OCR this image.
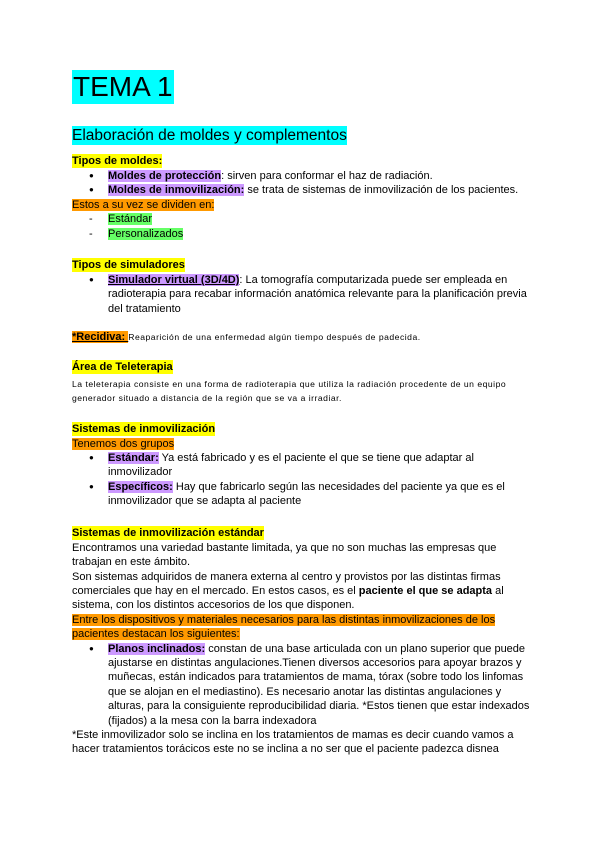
TEMA 1
Elaboración de moldes y complementos
Tipos de moldes:
● Moldes de protección: sirven para conformar el haz de radiación.
● Moldes de inmovilización: se trata de sistemas de inmovilización de los pacientes.
Estos a su vez se dividen en:
- Estándar
- Personalizados
Tipos de simuladores
● Simulador virtual (3D/4D): La tomografía computarizada puede ser empleada en radioterapia para recabar información anatómica relevante para la planificación previa del tratamiento
*Recidiva: Reaparición de una enfermedad algún tiempo después de padecida.
Área de Teleterapia

La teleterapia consiste en una forma de radioterapia que utiliza la radiación procedente de un equipo generador situado a distancia de la región que se va a irradiar.

Sistemas de inmovilización
Tenemos dos grupos
● Estándar: Ya está fabricado y es el paciente el que se tiene que adaptar al inmovilizador
● Específicos: Hay que fabricarlo según las necesidades del paciente ya que es el inmovilizador que se adapta al paciente
Sistemas de inmovilización estándar

Encontramos una variedad bastante limitada, ya que no son muchas las empresas que trabajan en este ámbito.

Son sistemas adquiridos de manera externa al centro y provistos por las distintas firmas comerciales que hay en el mercado. En estos casos, es el paciente el que se adapta al sistema, con los distintos accesorios de los que disponen.

Entre los dispositivos y materiales necesarios para las distintas inmovilizaciones de los pacientes destacan los siguientes:

● Planos inclinados: constan de una base articulada con un plano superior que puede ajustarse en distintas angulaciones.Tienen diversos accesorios para apoyar brazos y muñecas, están indicados para tratamientos de mama, tórax (sobre todo los linfomas que se alojan en el mediastino). Es necesario anotar las distintas angulaciones y alturas, para la consiguiente reproducibilidad diaria. *Estos tienen que estar indexados (fijados) a la mesa con la barra indexadora

*Este inmovilizador solo se inclina en los tratamientos de mamas es decir cuando vamos a hacer tratamientos torácicos este no se inclina a no ser que el paciente padezca disnea
